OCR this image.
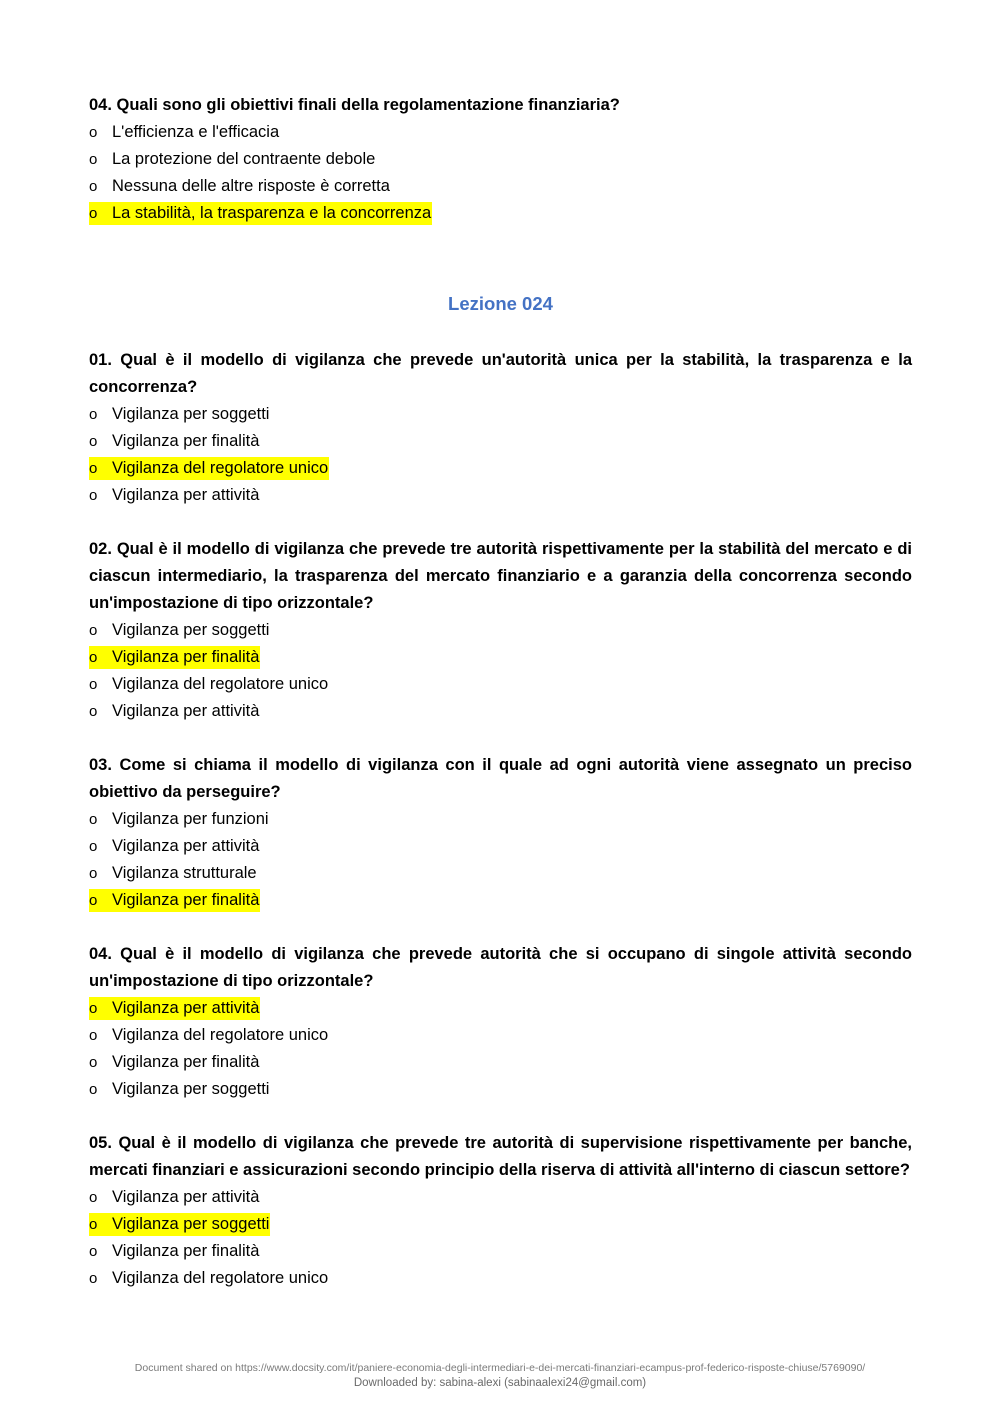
04. Quali sono gli obiettivi finali della regolamentazione finanziaria?

o L'efficienza e l'efficacia
o La protezione del contraente debole
o Nessuna delle altre risposte è corretta
o La stabilità, la trasparenza e la concorrenza
Lezione 024

01. Qual è il modello di vigilanza che prevede un'autorità unica per la stabilità, la trasparenza e la concorrenza?

o Vigilanza per soggetti
o Vigilanza per finalità
o Vigilanza del regolatore unico
o Vigilanza per attività

02. Qual è il modello di vigilanza che prevede tre autorità rispettivamente per la stabilità del mercato e di ciascun intermediario, la trasparenza del mercato finanziario e a garanzia della concorrenza secondo un'impostazione di tipo orizzontale?

o Vigilanza per soggetti
o Vigilanza per finalità
o Vigilanza del regolatore unico
o Vigilanza per attività

03. Come si chiama il modello di vigilanza con il quale ad ogni autorità viene assegnato un preciso obiettivo da perseguire?

o Vigilanza per funzioni
o Vigilanza per attività
o Vigilanza strutturale
o Vigilanza per finalità

04. Qual è il modello di vigilanza che prevede autorità che si occupano di singole attività secondo un'impostazione di tipo orizzontale?

o Vigilanza per attività
o Vigilanza del regolatore unico
o Vigilanza per finalità
o Vigilanza per soggetti

05. Qual è il modello di vigilanza che prevede tre autorità di supervisione rispettivamente per banche, mercati finanziari e assicurazioni secondo principio della riserva di attività all'interno di ciascun settore?

o Vigilanza per attività
o Vigilanza per soggetti
o Vigilanza per finalità
o Vigilanza del regolatore unico
Document shared on https://www.docsity.com/it/paniere-economia-degli-intermediari-e-dei-mercati-finanziari-ecampus-prof-federico-risposte-chiuse/5769090/
Downloaded by: sabina-alexi (sabinaalexi24@gmail.com)
